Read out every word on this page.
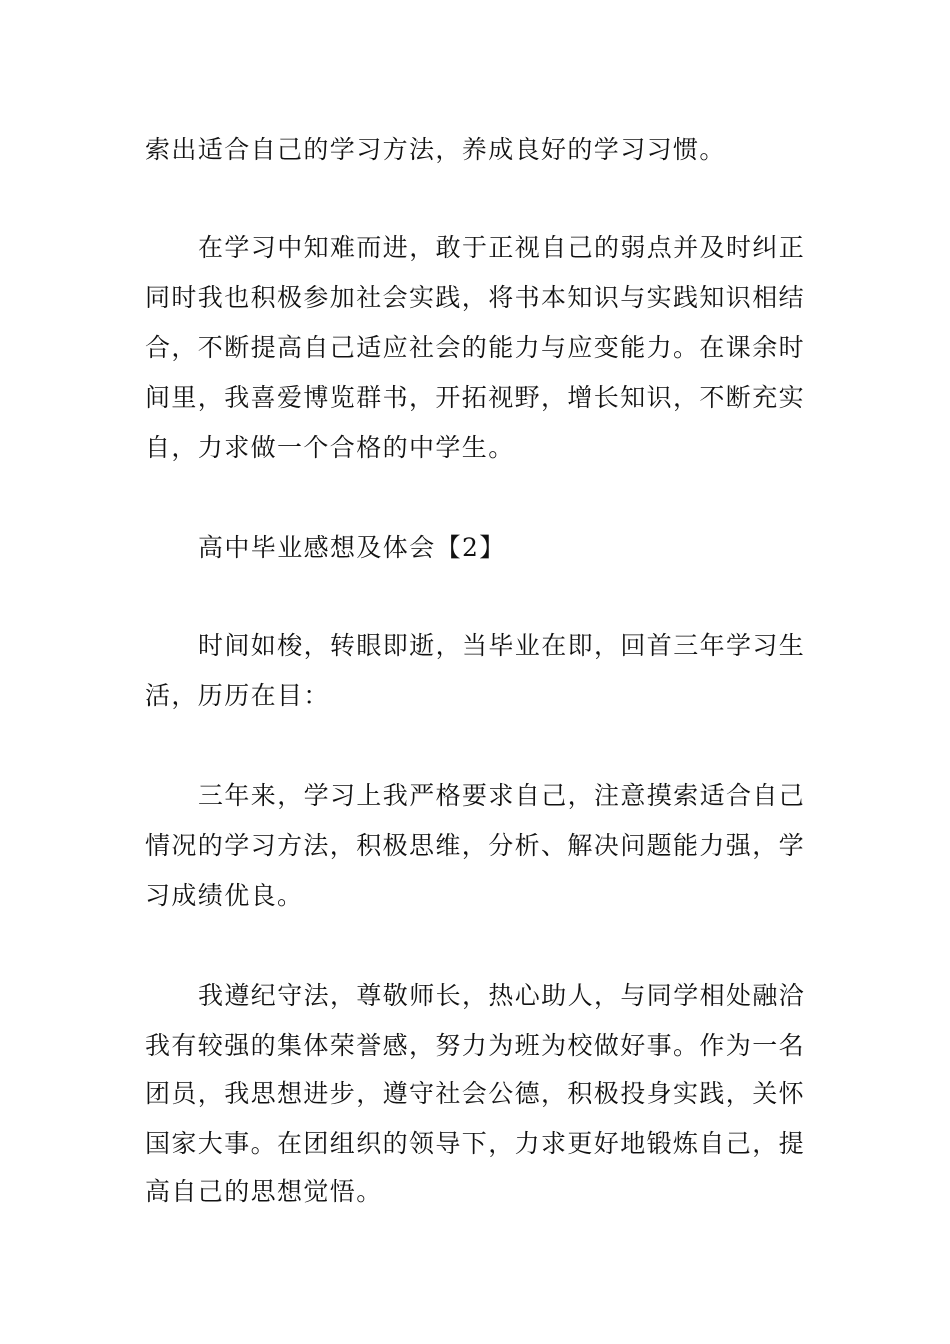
索出适合自己的学习方法，养成良好的学习习惯。
在学习中知难而进，敢于正视自己的弱点并及时纠正
同时我也积极参加社会实践，将书本知识与实践知识相结
合，不断提高自己适应社会的能力与应变能力。在课余时
间里，我喜爱博览群书，开拓视野，增长知识，不断充实
自，力求做一个合格的中学生。
高中毕业感想及体会【2】
时间如梭，转眼即逝，当毕业在即，回首三年学习生
活，历历在目：
三年来，学习上我严格要求自己，注意摸索适合自己
情况的学习方法，积极思维，分析、解决问题能力强，学
习成绩优良。
我遵纪守法，尊敬师长，热心助人，与同学相处融洽
我有较强的集体荣誉感，努力为班为校做好事。作为一名
团员，我思想进步，遵守社会公德，积极投身实践，关怀
国家大事。在团组织的领导下，力求更好地锻炼自己，提
高自己的思想觉悟。
